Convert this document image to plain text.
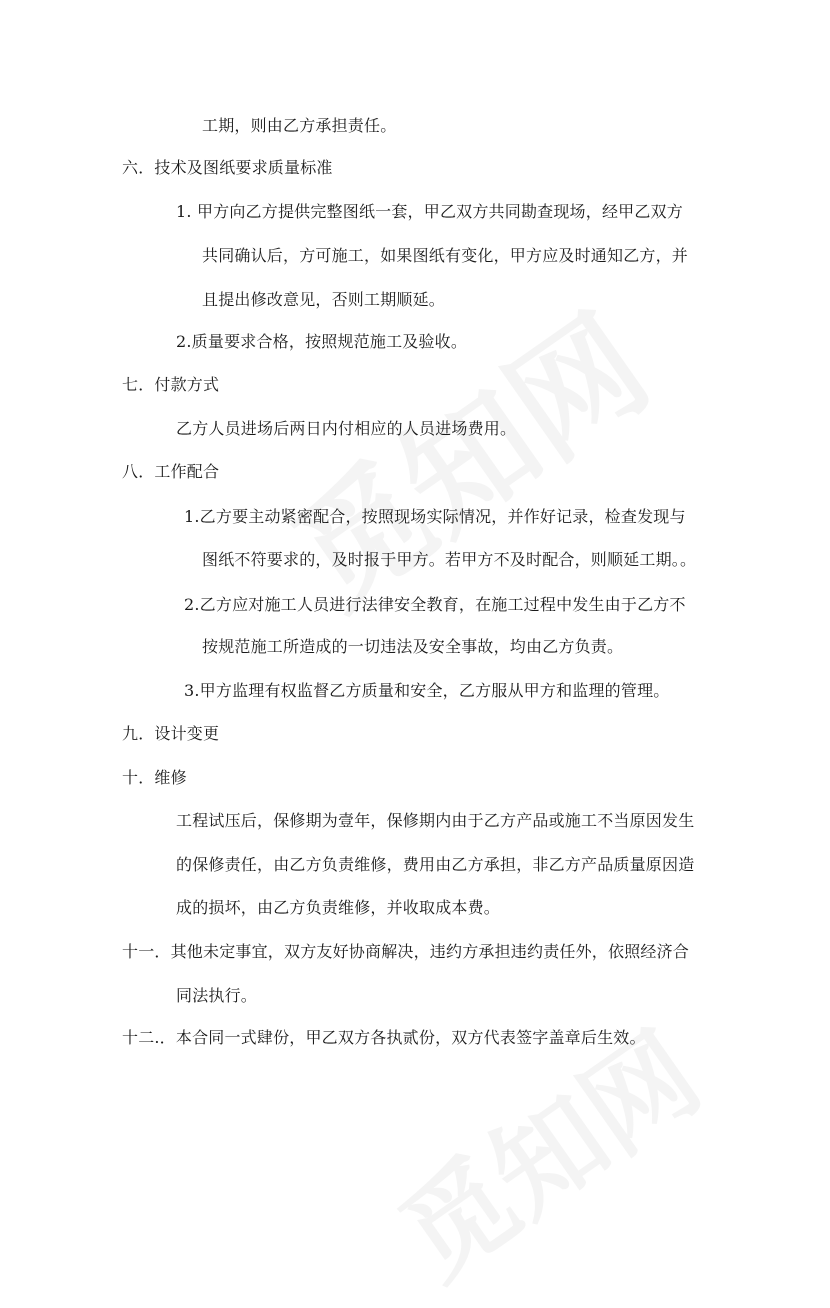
工期，则由乙方承担责任。
六．技术及图纸要求质量标准
1. 甲方向乙方提供完整图纸一套，甲乙双方共同勘查现场，经甲乙双方
共同确认后，方可施工，如果图纸有变化，甲方应及时通知乙方，并
且提出修改意见，否则工期顺延。
2.质量要求合格，按照规范施工及验收。
七．付款方式
乙方人员进场后两日内付相应的人员进场费用。
八．工作配合
1.乙方要主动紧密配合，按照现场实际情况，并作好记录，检查发现与
图纸不符要求的，及时报于甲方。若甲方不及时配合，则顺延工期。。
2.乙方应对施工人员进行法律安全教育，在施工过程中发生由于乙方不
按规范施工所造成的一切违法及安全事故，均由乙方负责。
3.甲方监理有权监督乙方质量和安全，乙方服从甲方和监理的管理。
九．设计变更
十．维修
工程试压后，保修期为壹年，保修期内由于乙方产品或施工不当原因发生
的保修责任，由乙方负责维修，费用由乙方承担，非乙方产品质量原因造
成的损坏，由乙方负责维修，并收取成本费。
十一．其他未定事宜，双方友好协商解决，违约方承担违约责任外，依照经济合
同法执行。
十二.．本合同一式肆份，甲乙双方各执贰份，双方代表签字盖章后生效。
